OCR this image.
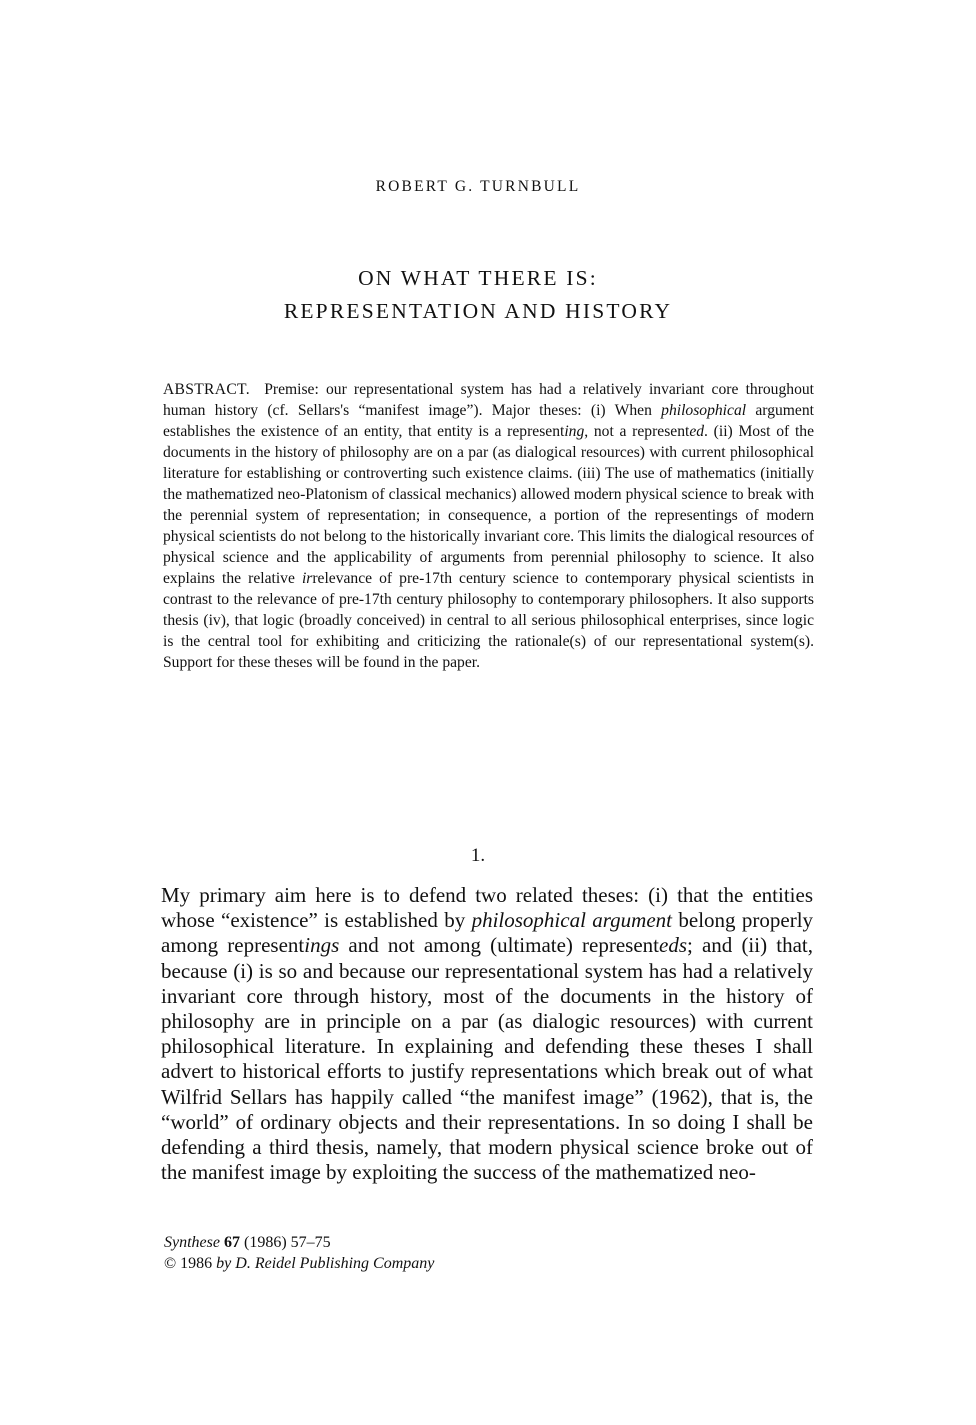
ROBERT G. TURNBULL
ON WHAT THERE IS:
REPRESENTATION AND HISTORY

ABSTRACT. Premise: our representational system has had a relatively invariant core throughout human history (cf. Sellars's “manifest image”). Major theses: (i) When philosophical argument establishes the existence of an entity, that entity is a representing, not a represented. (ii) Most of the documents in the history of philosophy are on a par (as dialogical resources) with current philosophical literature for establishing or controverting such existence claims. (iii) The use of mathematics (initially the mathematized neo-Platonism of classical mechanics) allowed modern physical science to break with the perennial system of representation; in consequence, a portion of the representings of modern physical scientists do not belong to the historically invariant core. This limits the dialogical resources of physical science and the applicability of arguments from perennial philosophy to science. It also explains the relative irrelevance of pre-17th century science to contemporary physical scientists in contrast to the relevance of pre-17th century philosophy to contemporary philosophers. It also supports thesis (iv), that logic (broadly conceived) in central to all serious philosophical enterprises, since logic is the central tool for exhibiting and criticizing the rationale(s) of our representational system(s). Support for these theses will be found in the paper.

1.

My primary aim here is to defend two related theses: (i) that the entities whose “existence” is established by philosophical argument belong properly among representings and not among (ultimate) representeds; and (ii) that, because (i) is so and because our representational system has had a relatively invariant core through history, most of the documents in the history of philosophy are in principle on a par (as dialogic resources) with current philosophical literature. In explaining and defending these theses I shall advert to historical efforts to justify representations which break out of what Wilfrid Sellars has happily called “the manifest image” (1962), that is, the “world” of ordinary objects and their representations. In so doing I shall be defending a third thesis, namely, that modern physical science broke out of the manifest image by exploiting the success of the mathematized neo-

Synthese 67 (1986) 57–75
© 1986 by D. Reidel Publishing Company
